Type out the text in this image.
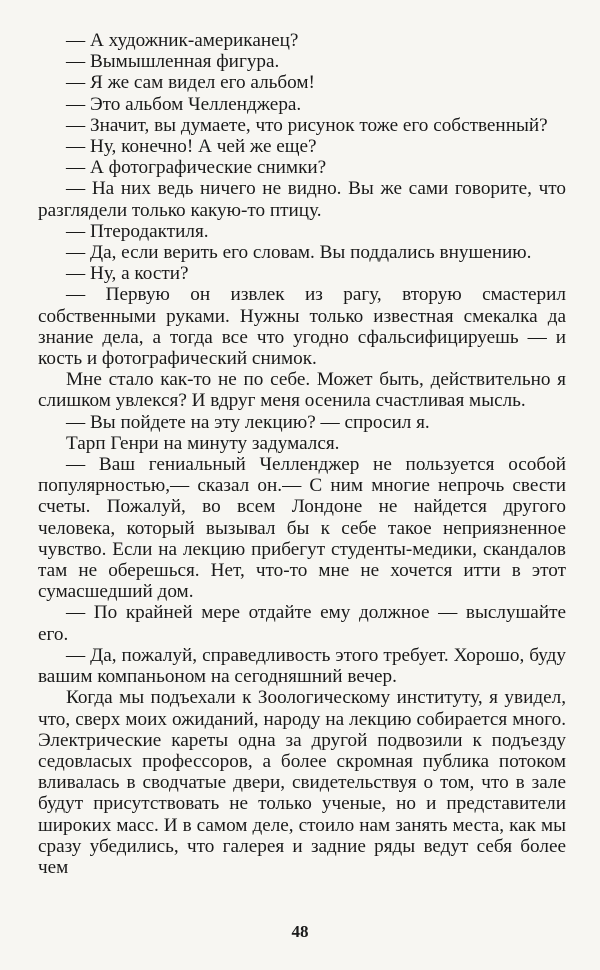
— А художник-американец?

— Вымышленная фигура.

— Я же сам видел его альбом!

— Это альбом Челленджера.

— Значит, вы думаете, что рисунок тоже его собственный?

— Ну, конечно! А чей же еще?

— А фотографические снимки?

— На них ведь ничего не видно. Вы же сами говорите, что разглядели только какую-то птицу.

— Птеродактиля.

— Да, если верить его словам. Вы поддались внушению.

— Ну, а кости?

— Первую он извлек из рагу, вторую смастерил собственными руками. Нужны только известная смекалка да знание дела, а тогда все что угодно сфальсифицируешь — и кость и фотографический снимок.

Мне стало как-то не по себе. Может быть, действительно я слишком увлекся? И вдруг меня осенила счастливая мысль.

— Вы пойдете на эту лекцию? — спросил я.

Тарп Генри на минуту задумался.

— Ваш гениальный Челленджер не пользуется особой популярностью,— сказал он.— С ним многие непрочь свести счеты. Пожалуй, во всем Лондоне не найдется другого человека, который вызывал бы к себе такое неприязненное чувство. Если на лекцию прибегут студенты-медики, скандалов там не оберешься. Нет, что-то мне не хочется итти в этот сумасшедший дом.

— По крайней мере отдайте ему должное — выслушайте его.

— Да, пожалуй, справедливость этого требует. Хорошо, буду вашим компаньоном на сегодняшний вечер.

Когда мы подъехали к Зоологическому институту, я увидел, что, сверх моих ожиданий, народу на лекцию собирается много. Электрические кареты одна за другой подвозили к подъезду седовласых профессоров, а более скромная публика потоком вливалась в сводчатые двери, свидетельствуя о том, что в зале будут присутствовать не только ученые, но и представители широких масс. И в самом деле, стоило нам занять места, как мы сразу убедились, что галерея и задние ряды ведут себя более чем

48
